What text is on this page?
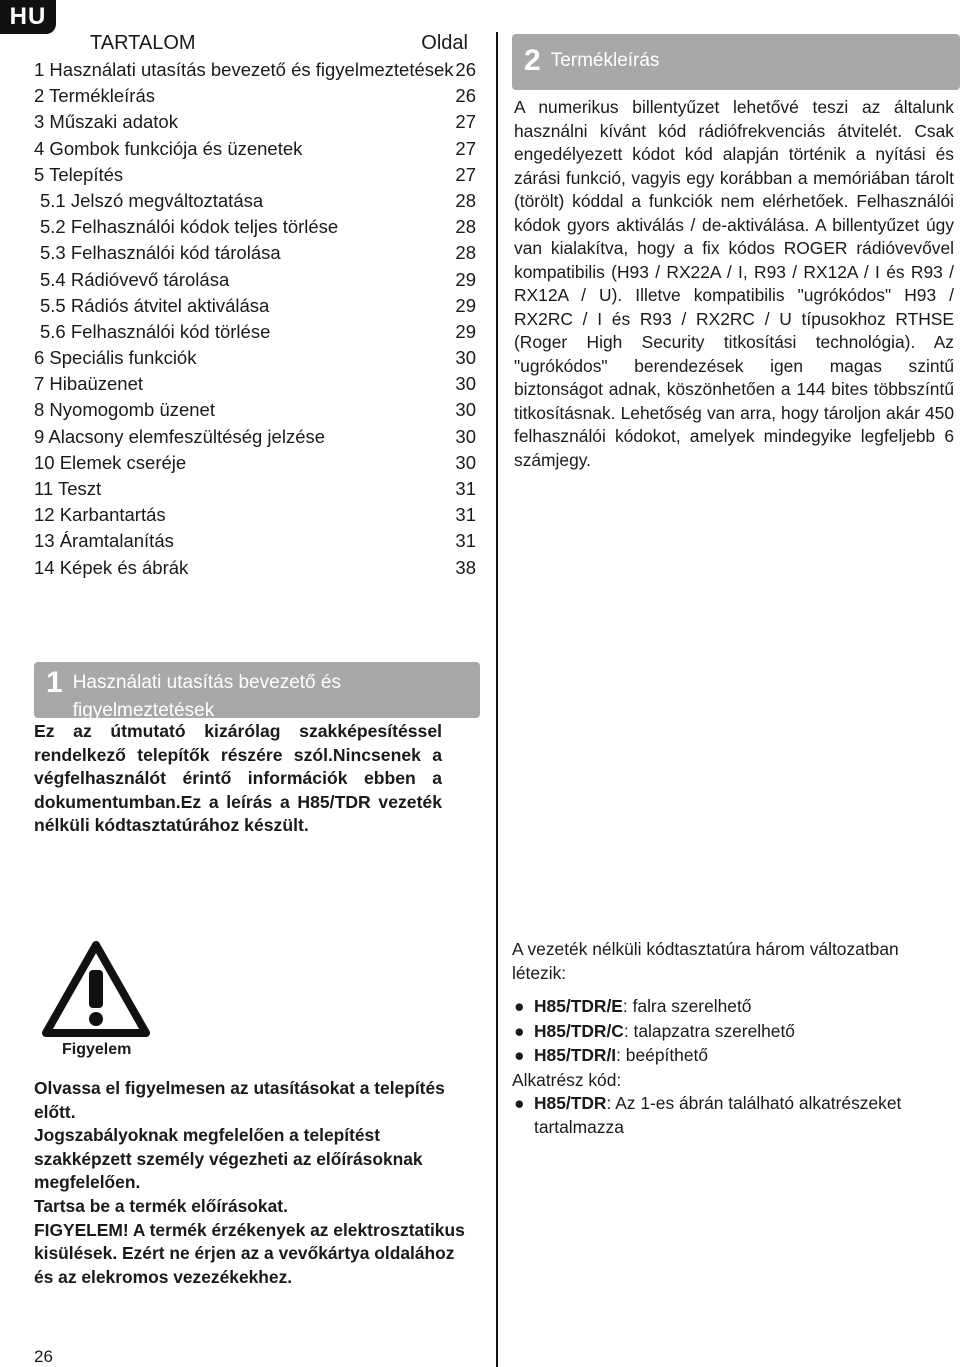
HU
TARTALOM	Oldal
1 Használati utasítás bevezető és figyelmeztetések 26
2 Termékleírás	26
3 Műszaki adatok	27
4 Gombok funkciója és üzenetek	27
5 Telepítés	27
5.1 Jelszó megváltoztatása	28
5.2 Felhasználói kódok teljes törlése	28
5.3 Felhasználói kód tárolása	28
5.4 Rádióvevő tárolása	29
5.5 Rádiós átvitel aktiválása	29
5.6 Felhasználói kód törlése	29
6 Speciális funkciók	30
7 Hibaüzenet	30
8 Nyomogomb üzenet	30
9 Alacsony elemfeszültéség jelzése	30
10 Elemek cseréje	30
11 Teszt	31
12 Karbantartás	31
13 Áramtalanítás	31
14 Képek és ábrák	38
2 Termékleírás
A numerikus billentyűzet lehetővé teszi az általunk használni kívánt kód rádiófrekvenciás átvitelét. Csak engedélyezett kódot kód alapján történik a nyítási és zárási funkció, vagyis egy korábban a memóriában tárolt (törölt) kóddal a funkciók nem elérhetőek. Felhasználói kódok gyors aktiválás / de-aktiválása. A billentyűzet úgy van kialakítva, hogy a fix kódos ROGER rádióvevővel kompatibilis (H93 / RX22A / I, R93 / RX12A / I és R93 / RX12A / U). Illetve kompatibilis "ugrókódos" H93 / RX2RC / I és R93 / RX2RC / U típusokhoz RTHSE (Roger High Security titkosítási technológia). Az "ugrókódos" berendezések igen magas szintű biztonságot adnak, köszönhetően a 144 bites többszíntű titkosításnak. Lehetőség van arra, hogy tároljon akár 450 felhasználói kódokot, amelyek mindegyike legfeljebb 6 számjegy.
1 Használati utasítás bevezető és figyelmeztetések
Ez az útmutató kizárólag szakképesítéssel rendelkező telepítők részére szól.Nincsenek a végfelhasználót érintő információk ebben a dokumentumban.Ez a leírás a H85/TDR vezeték nélküli kódtasztatúrához készült.
Figyelem
Olvassa el figyelmesen az utasításokat a telepítés előtt.
Jogszabályoknak megfelelően a telepítést szakképzett személy végezheti az előírásoknak megfelelően.
Tartsa be a termék előírásokat.
FIGYELEM! A termék érzékenyek az elektrosztatikus kisülések. Ezért ne érjen az a vevőkártya oldalához és az elekromos vezezékekhez.
A vezeték nélküli kódtasztatúra három változatban létezik:
● H85/TDR/E: falra szerelhető
● H85/TDR/C: talapzatra szerelhető
● H85/TDR/I: beépíthető
Alkatrész kód:
● H85/TDR: Az 1-es ábrán található alkatrészeket tartalmazza
26
